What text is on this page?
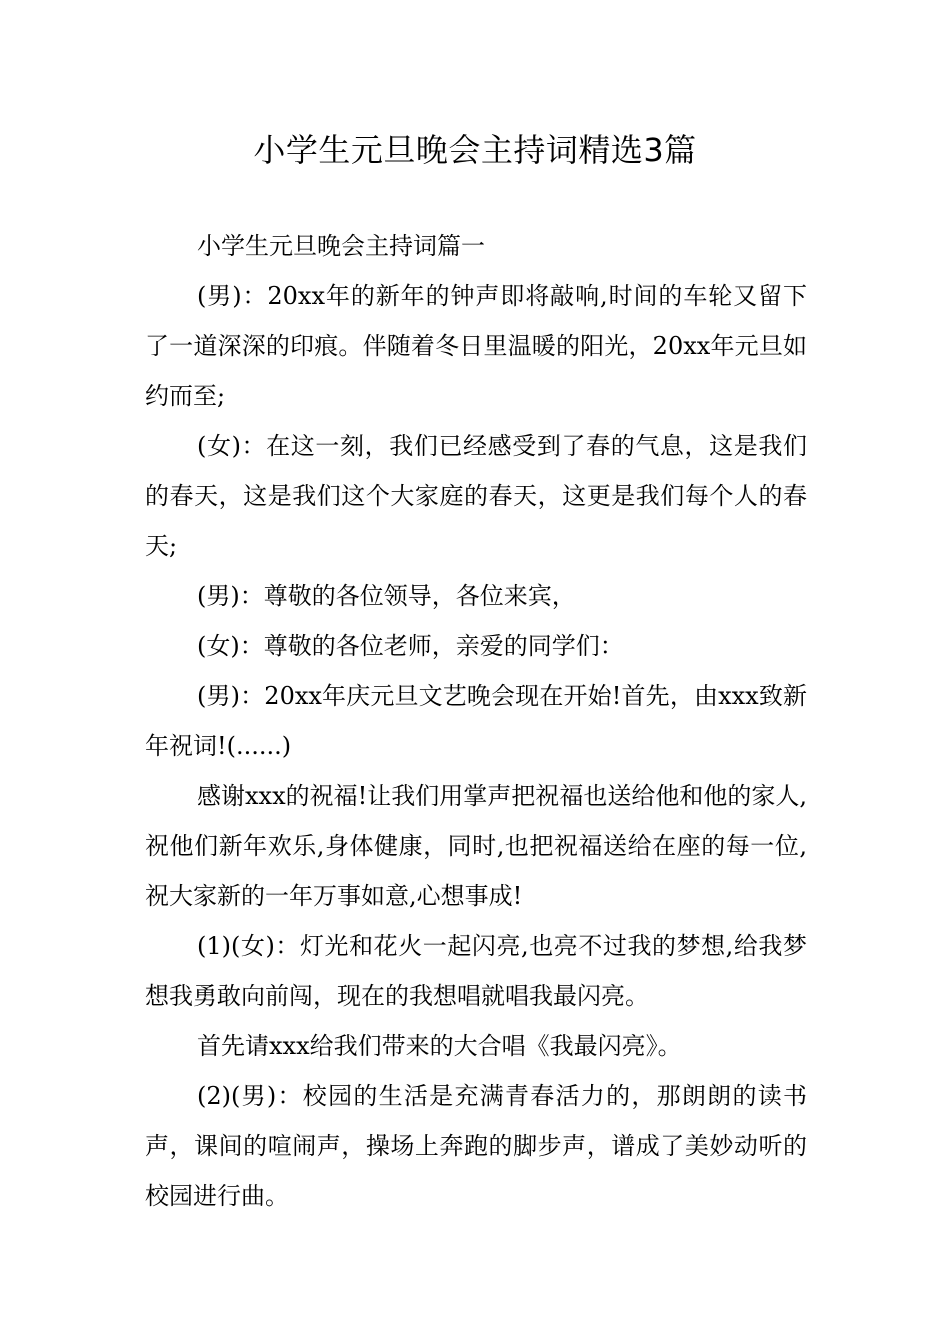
小学生元旦晚会主持词精选3篇

小学生元旦晚会主持词篇一

(男)：20xx年的新年的钟声即将敲响,时间的车轮又留下了一道深深的印痕。伴随着冬日里温暖的阳光，20xx年元旦如约而至;

(女)：在这一刻，我们已经感受到了春的气息，这是我们的春天，这是我们这个大家庭的春天，这更是我们每个人的春天;

(男)：尊敬的各位领导，各位来宾，

(女)：尊敬的各位老师，亲爱的同学们：

(男)：20xx年庆元旦文艺晚会现在开始!首先，由xxx致新年祝词!(......)

感谢xxx的祝福!让我们用掌声把祝福也送给他和他的家人,祝他们新年欢乐,身体健康，同时,也把祝福送给在座的每一位,祝大家新的一年万事如意,心想事成!

(1)(女)：灯光和花火一起闪亮,也亮不过我的梦想,给我梦想我勇敢向前闯，现在的我想唱就唱我最闪亮。

首先请xxx给我们带来的大合唱《我最闪亮》。

(2)(男)：校园的生活是充满青春活力的，那朗朗的读书声，课间的喧闹声，操场上奔跑的脚步声，谱成了美妙动听的校园进行曲。
